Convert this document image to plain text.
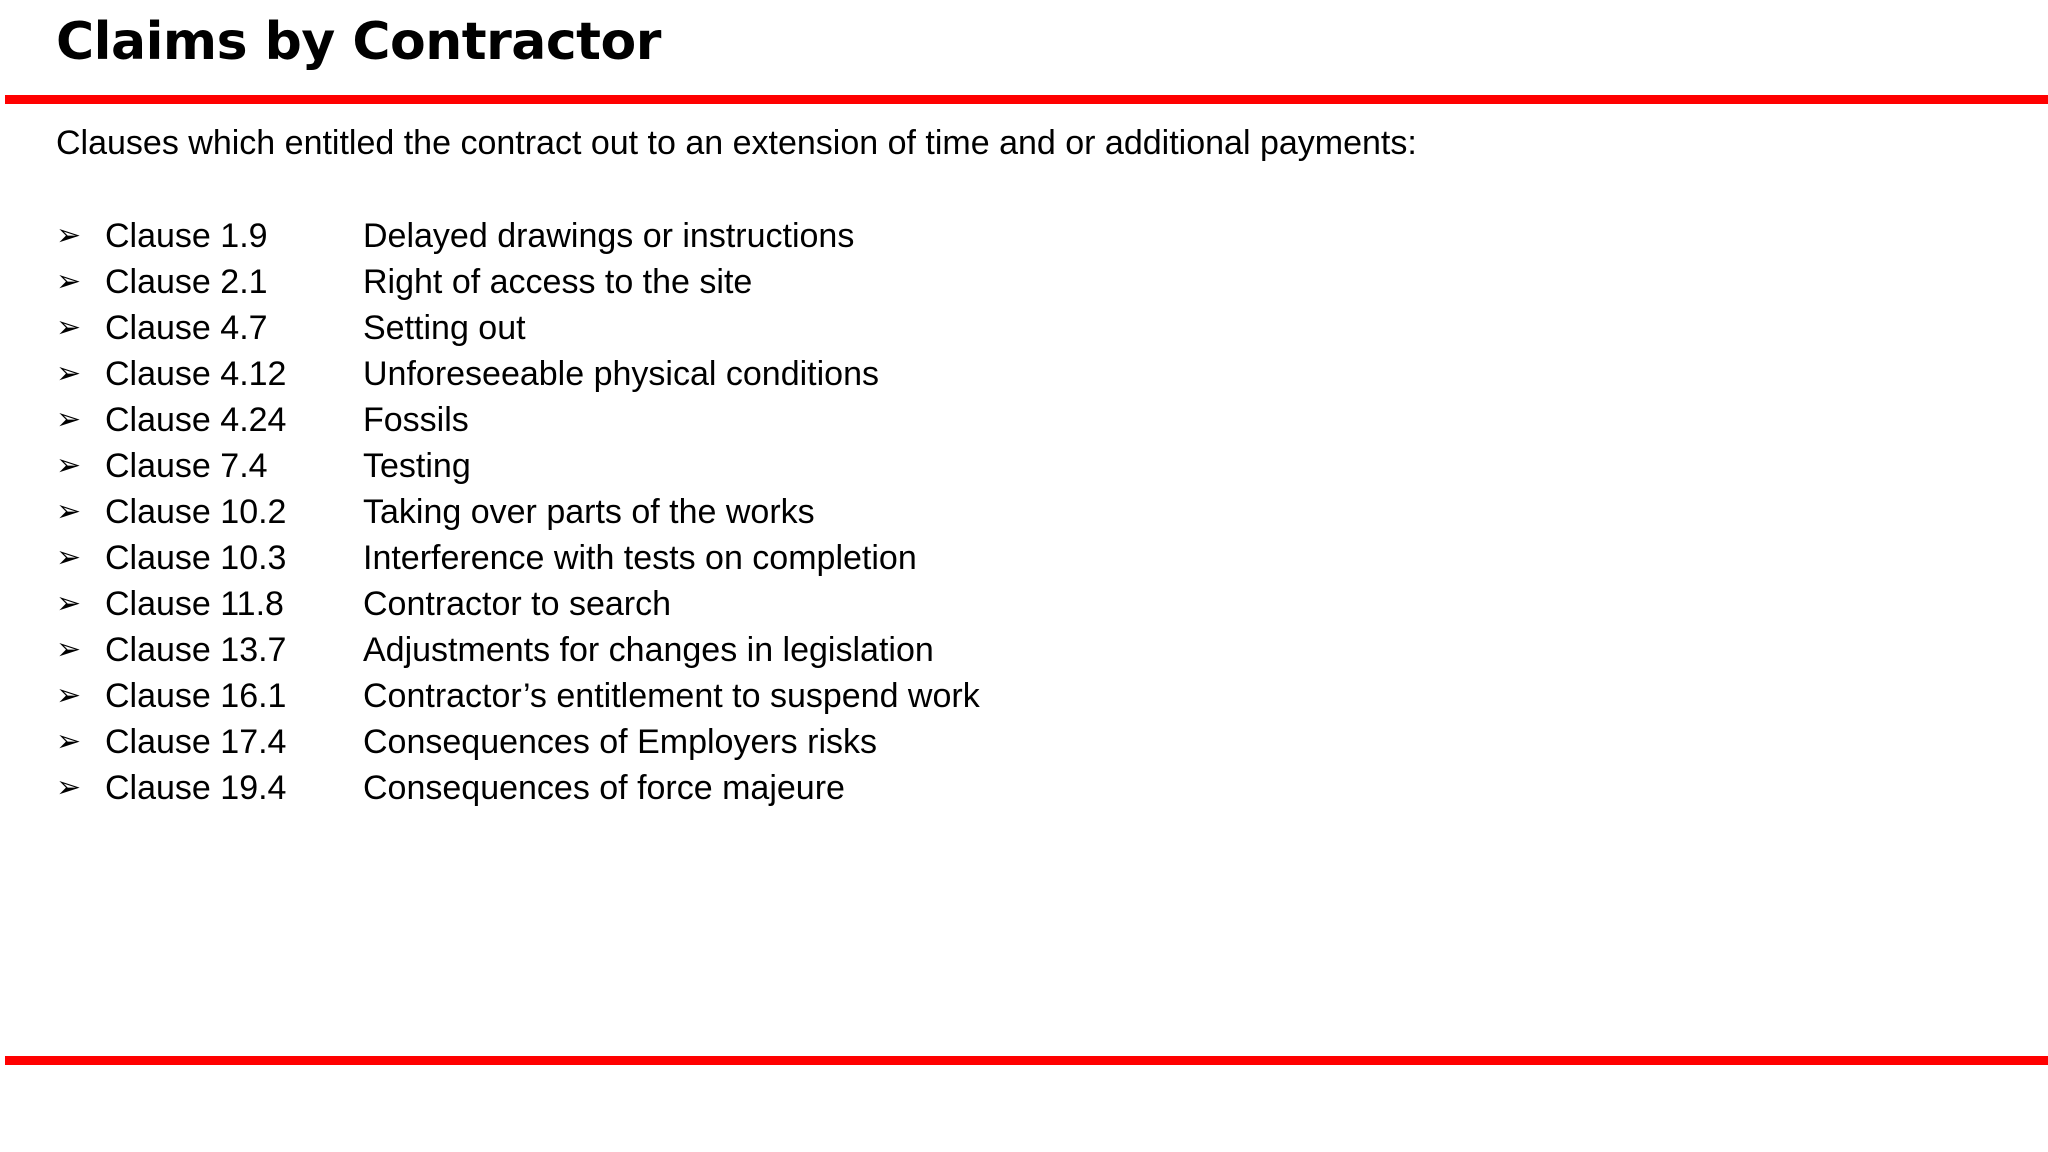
Claims by Contractor
Clauses which entitled the contract out to an extension of time and or additional payments:
➢ Clause 1.9	Delayed drawings or instructions
➢ Clause 2.1	Right of access to the site
➢ Clause 4.7	Setting out
➢ Clause 4.12	Unforeseeable physical conditions
➢ Clause 4.24	Fossils
➢ Clause 7.4	Testing
➢ Clause 10.2	Taking over parts of the works
➢ Clause 10.3	Interference with tests on completion
➢ Clause 11.8	Contractor to search
➢ Clause 13.7	Adjustments for changes in legislation
➢ Clause 16.1	Contractor’s entitlement to suspend work
➢ Clause 17.4	Consequences of Employers risks
➢ Clause 19.4	Consequences of force majeure
